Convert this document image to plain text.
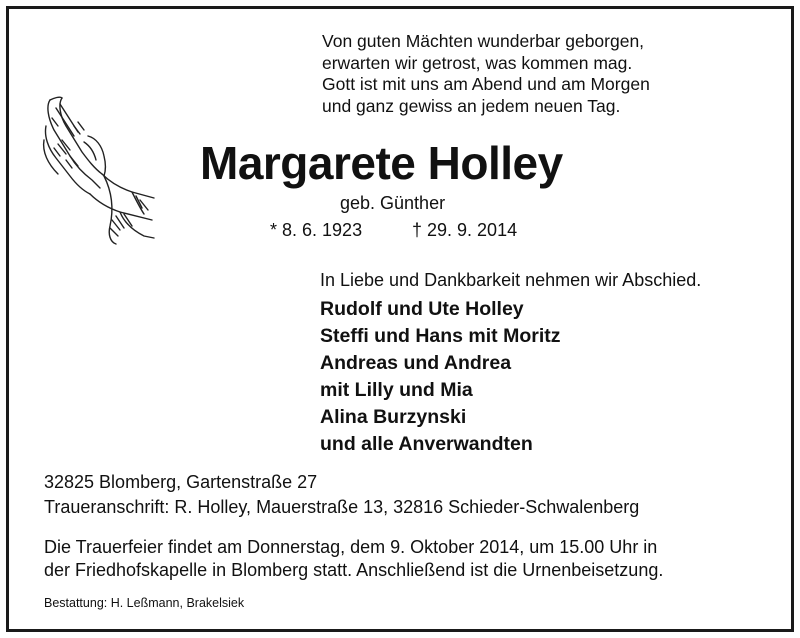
Von guten Mächten wunderbar geborgen,
erwarten wir getrost, was kommen mag.
Gott ist mit uns am Abend und am Morgen
und ganz gewiss an jedem neuen Tag.
Margarete Holley
geb. Günther
* 8. 6. 1923	† 29. 9. 2014
In Liebe und Dankbarkeit nehmen wir Abschied.
Rudolf und Ute Holley
Steffi und Hans mit Moritz
Andreas und Andrea
mit Lilly und Mia
Alina Burzynski
und alle Anverwandten
32825 Blomberg, Gartenstraße 27
Traueranschrift: R. Holley, Mauerstraße 13, 32816 Schieder-Schwalenberg
Die Trauerfeier findet am Donnerstag, dem 9. Oktober 2014, um 15.00 Uhr in
der Friedhofskapelle in Blomberg statt. Anschließend ist die Urnenbeisetzung.
Bestattung: H. Leßmann, Brakelsiek
